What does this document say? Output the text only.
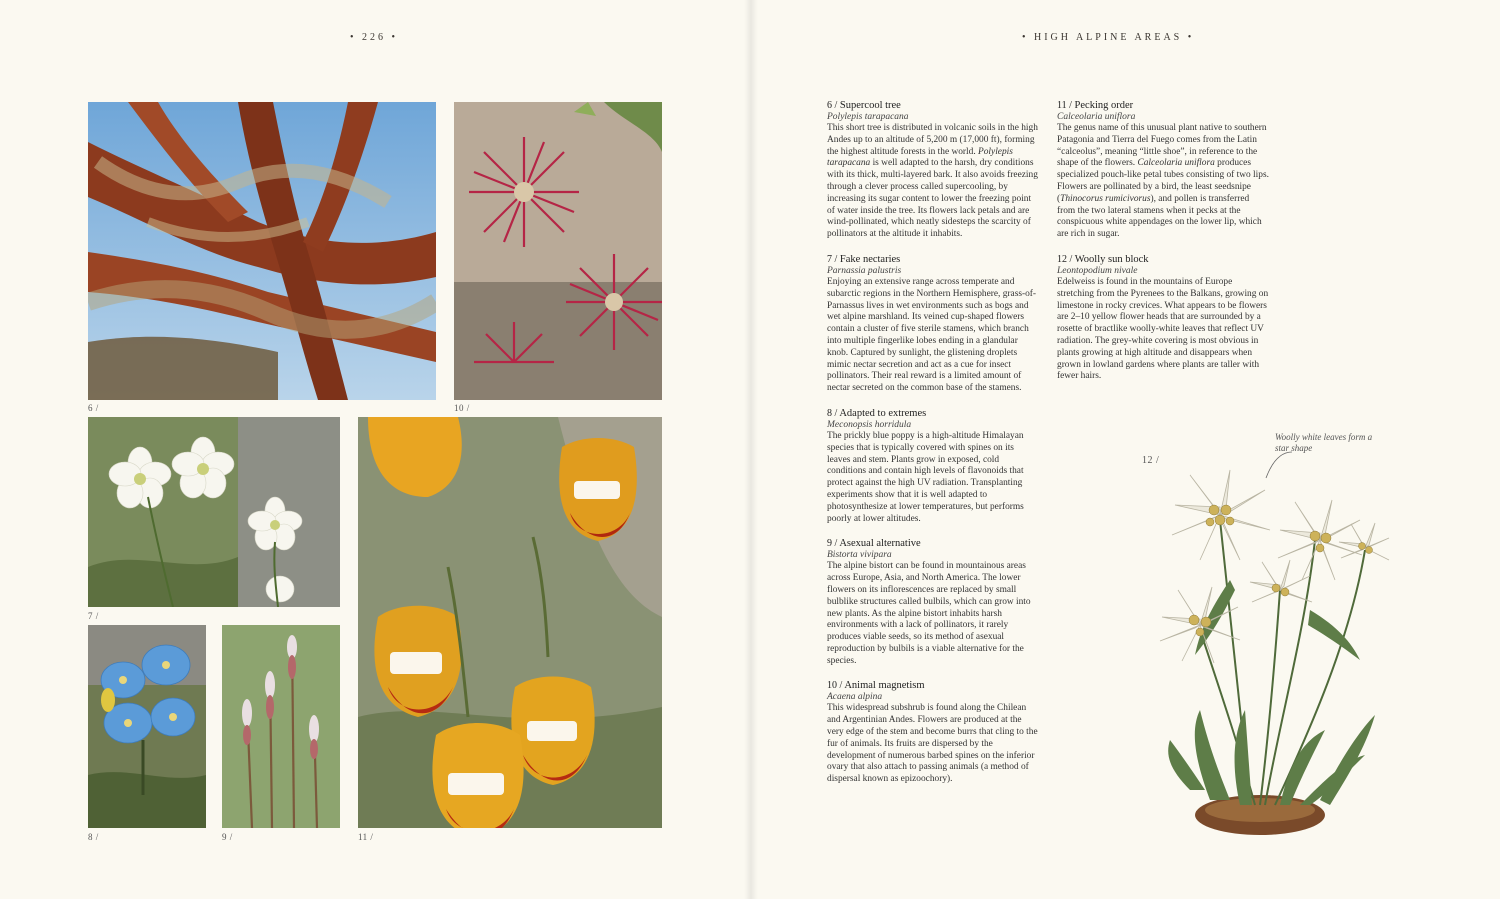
• 226 •
6 /	10 /
7 /
11 /
8 /	9 /
• HIGH ALPINE AREAS •
6 / Supercool tree
Polylepis tarapacana
This short tree is distributed in volcanic soils in the high Andes up to an altitude of 5,200 m (17,000 ft), forming the highest altitude forests in the world. Polylepis tarapacana is well adapted to the harsh, dry conditions with its thick, multi-layered bark. It also avoids freezing through a clever process called supercooling, by increasing its sugar content to lower the freezing point of water inside the tree. Its flowers lack petals and are wind-pollinated, which neatly sidesteps the scarcity of pollinators at the altitude it inhabits.
7 / Fake nectaries
Parnassia palustris
Enjoying an extensive range across temperate and subarctic regions in the Northern Hemisphere, grass-of-Parnassus lives in wet environments such as bogs and wet alpine marshland. Its veined cup-shaped flowers contain a cluster of five sterile stamens, which branch into multiple fingerlike lobes ending in a glandular knob. Captured by sunlight, the glistening droplets mimic nectar secretion and act as a cue for insect pollinators. Their real reward is a limited amount of nectar secreted on the common base of the stamens.
8 / Adapted to extremes
Meconopsis horridula
The prickly blue poppy is a high-altitude Himalayan species that is typically covered with spines on its leaves and stem. Plants grow in exposed, cold conditions and contain high levels of flavonoids that protect against the high UV radiation. Transplanting experiments show that it is well adapted to photosynthesize at lower temperatures, but performs poorly at lower altitudes.
9 / Asexual alternative
Bistorta vivipara
The alpine bistort can be found in mountainous areas across Europe, Asia, and North America. The lower flowers on its inflorescences are replaced by small bulblike structures called bulbils, which can grow into new plants. As the alpine bistort inhabits harsh environments with a lack of pollinators, it rarely produces viable seeds, so its method of asexual reproduction by bulbils is a viable alternative for the species.
10 / Animal magnetism
Acaena alpina
This widespread subshrub is found along the Chilean and Argentinian Andes. Flowers are produced at the very edge of the stem and become burrs that cling to the fur of animals. Its fruits are dispersed by the development of numerous barbed spines on the inferior ovary that also attach to passing animals (a method of dispersal known as epizoochory).
11 / Pecking order
Calceolaria uniflora
The genus name of this unusual plant native to southern Patagonia and Tierra del Fuego comes from the Latin “calceolus”, meaning “little shoe”, in reference to the shape of the flowers. Calceolaria uniflora produces specialized pouch-like petal tubes consisting of two lips. Flowers are pollinated by a bird, the least seedsnipe (Thinocorus rumicivorus), and pollen is transferred from the two lateral stamens when it pecks at the conspicuous white appendages on the lower lip, which are rich in sugar.
12 / Woolly sun block
Leontopodium nivale
Edelweiss is found in the mountains of Europe stretching from the Pyrenees to the Balkans, growing on limestone in rocky crevices. What appears to be flowers are 2–10 yellow flower heads that are surrounded by a rosette of bractlike woolly-white leaves that reflect UV radiation. The grey-white covering is most obvious in plants growing at high altitude and disappears when grown in lowland gardens where plants are taller with fewer hairs.
12 /
Woolly white leaves form a star shape
